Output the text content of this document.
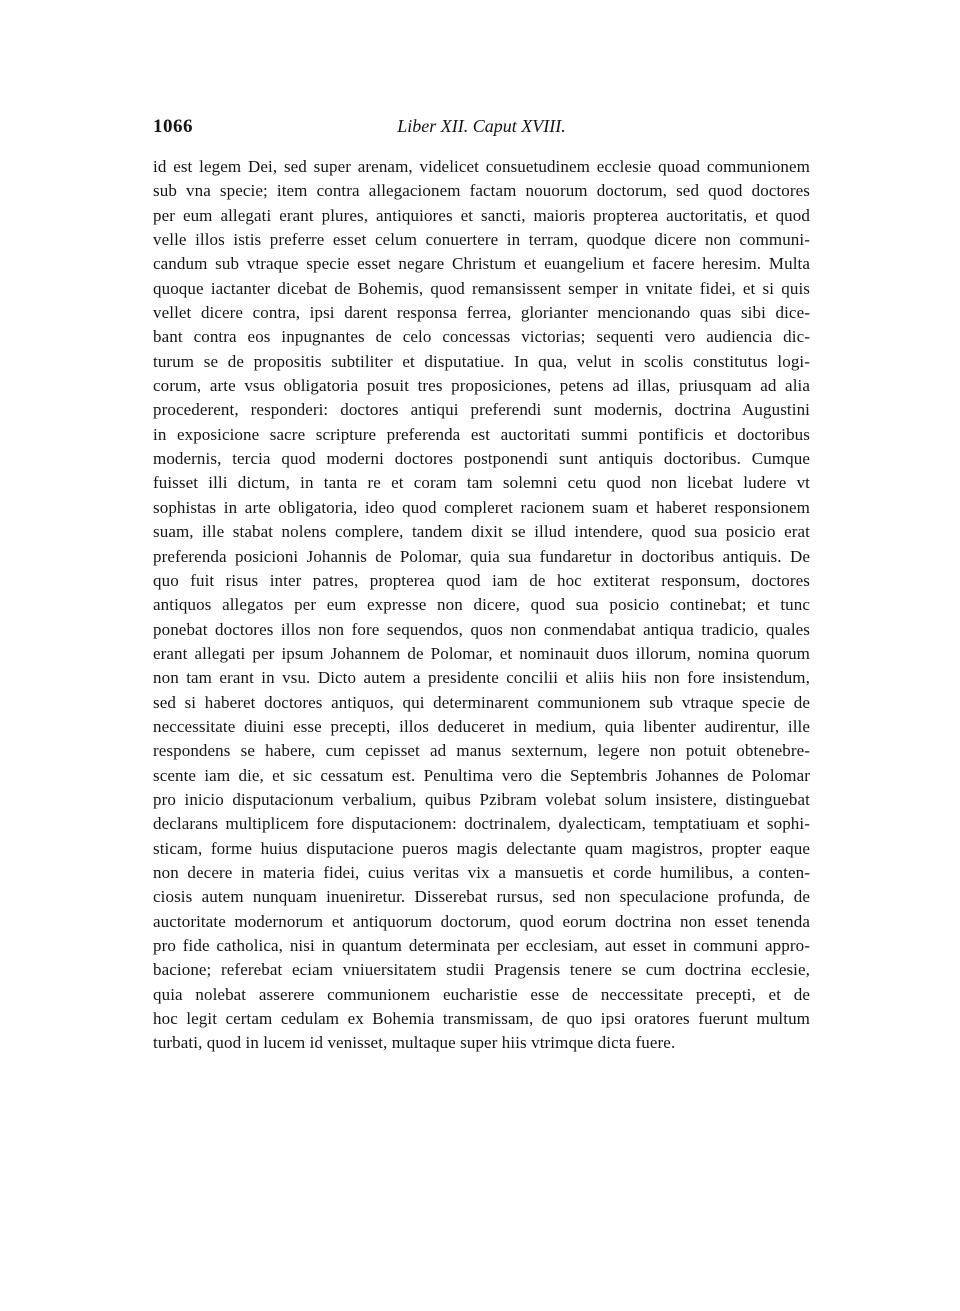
1066	Liber XII. Caput XVIII.
id est legem Dei, sed super arenam, videlicet consuetudinem ecclesie quoad communionem
sub vna specie; item contra allegacionem factam nouorum doctorum, sed quod doctores
per eum allegati erant plures, antiquiores et sancti, maioris propterea auctoritatis, et quod
velle illos istis preferre esset celum conuertere in terram, quodque dicere non communi-
candum sub vtraque specie esset negare Christum et euangelium et facere heresim. Multa
quoque iactanter dicebat de Bohemis, quod remansissent semper in vnitate fidei, et si quis
vellet dicere contra, ipsi darent responsa ferrea, glorianter mencionando quas sibi dice-
bant contra eos inpugnantes de celo concessas victorias; sequenti vero audiencia dic-
turum se de propositis subtiliter et disputatiue. In qua, velut in scolis constitutus logi-
corum, arte vsus obligatoria posuit tres proposiciones, petens ad illas, priusquam ad alia
procederent, responderi: doctores antiqui preferendi sunt modernis, doctrina Augustini
in exposicione sacre scripture preferenda est auctoritati summi pontificis et doctoribus
modernis, tercia quod moderni doctores postponendi sunt antiquis doctoribus. Cumque
fuisset illi dictum, in tanta re et coram tam solemni cetu quod non licebat ludere vt
sophistas in arte obligatoria, ideo quod compleret racionem suam et haberet responsionem
suam, ille stabat nolens complere, tandem dixit se illud intendere, quod sua posicio erat
preferenda posicioni Johannis de Polomar, quia sua fundaretur in doctoribus antiquis. De
quo fuit risus inter patres, propterea quod iam de hoc extiterat responsum, doctores
antiquos allegatos per eum expresse non dicere, quod sua posicio continebat; et tunc
ponebat doctores illos non fore sequendos, quos non conmendabat antiqua tradicio, quales
erant allegati per ipsum Johannem de Polomar, et nominauit duos illorum, nomina quorum
non tam erant in vsu. Dicto autem a presidente concilii et aliis hiis non fore insistendum,
sed si haberet doctores antiquos, qui determinarent communionem sub vtraque specie de
neccessitate diuini esse precepti, illos deduceret in medium, quia libenter audirentur, ille
respondens se habere, cum cepisset ad manus sexternum, legere non potuit obtenebre-
scente iam die, et sic cessatum est. Penultima vero die Septembris Johannes de Polomar
pro inicio disputacionum verbalium, quibus Pzibram volebat solum insistere, distinguebat
declarans multiplicem fore disputacionem: doctrinalem, dyalecticam, temptatiuam et sophi-
sticam, forme huius disputacione pueros magis delectante quam magistros, propter eaque
non decere in materia fidei, cuius veritas vix a mansuetis et corde humilibus, a conten-
ciosis autem nunquam inueniretur. Disserebat rursus, sed non speculacione profunda, de
auctoritate modernorum et antiquorum doctorum, quod eorum doctrina non esset tenenda
pro fide catholica, nisi in quantum determinata per ecclesiam, aut esset in communi appro-
bacione; referebat eciam vniuersitatem studii Pragensis tenere se cum doctrina ecclesie,
quia nolebat asserere communionem eucharistie esse de neccessitate precepti, et de
hoc legit certam cedulam ex Bohemia transmissam, de quo ipsi oratores fuerunt multum
turbati, quod in lucem id venisset, multaque super hiis vtrimque dicta fuere.
